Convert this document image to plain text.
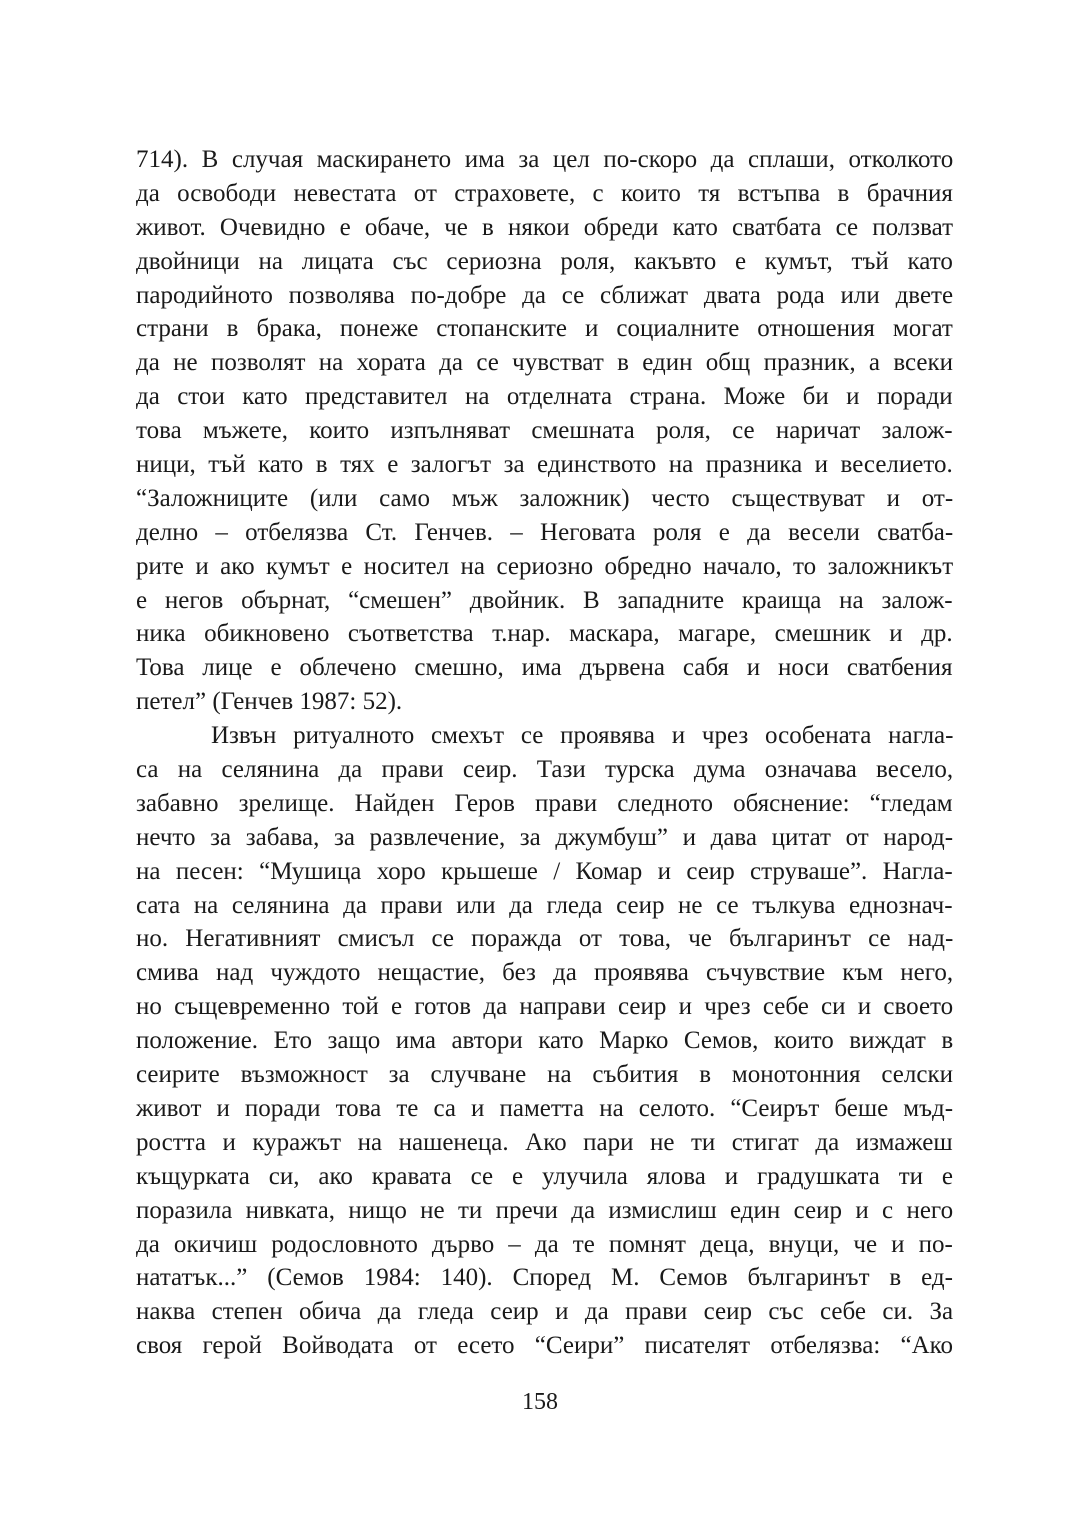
714). В случая маскирането има за цел по-скоро да сплаши, отколкото
да освободи невестата от страховете, с които тя встъпва в брачния
живот. Очевидно е обаче, че в някои обреди като сватбата се ползват
двойници на лицата със сериозна роля, какъвто е кумът, тъй като
пародийното позволява по-добре да се сближат двата рода или двете
страни в брака, понеже стопанските и социалните отношения могат
да не позволят на хората да се чувстват в един общ празник, а всеки
да стои като представител на отделната страна. Може би и поради
това мъжете, които изпълняват смешната роля, се наричат залож-
ници, тъй като в тях е залогът за единството на празника и веселието.
“Заложниците (или само мъж заложник) често съществуват и от-
делно – отбелязва Ст. Генчев. – Неговата роля е да весели сватба-
рите и ако кумът е носител на сериозно обредно начало, то заложникът
е негов обърнат, “смешен” двойник. В западните краища на залож-
ника обикновено съответства т.нар. маскара, магаре, смешник и др.
Това лице е облечено смешно, има дървена сабя и носи сватбения
петел” (Генчев 1987: 52).
Извън ритуалното смехът се проявява и чрез особената нагла-
са на селянина да прави сеир. Тази турска дума означава весело,
забавно зрелище. Найден Геров прави следното обяснение: “гледам
нечто за забава, за развлечение, за джумбуш” и дава цитат от народ-
на песен: “Мушица хоро крьшеше / Комар и сеир струваше”. Нагла-
сата на селянина да прави или да гледа сеир не се тълкува еднознач-
но. Негативният смисъл се поражда от това, че българинът се над-
смива над чуждото нещастие, без да проявява съчувствие към него,
но същевременно той е готов да направи сеир и чрез себе си и своето
положение. Ето защо има автори като Марко Семов, които виждат в
сеирите възможност за случване на събития в монотонния селски
живот и поради това те са и паметта на селото. “Сеирът беше мъд-
ростта и куражът на нашенеца. Ако пари не ти стигат да измажеш
къщурката си, ако кравата се е улучила ялова и градушката ти е
поразила нивката, нищо не ти пречи да измислиш един сеир и с него
да окичиш родословното дърво – да те помнят деца, внуци, че и по-
нататък...” (Семов 1984: 140). Според М. Семов българинът в ед-
наква степен обича да гледа сеир и да прави сеир със себе си. За
своя герой Войводата от есето “Сеири” писателят отбелязва: “Ако
158
